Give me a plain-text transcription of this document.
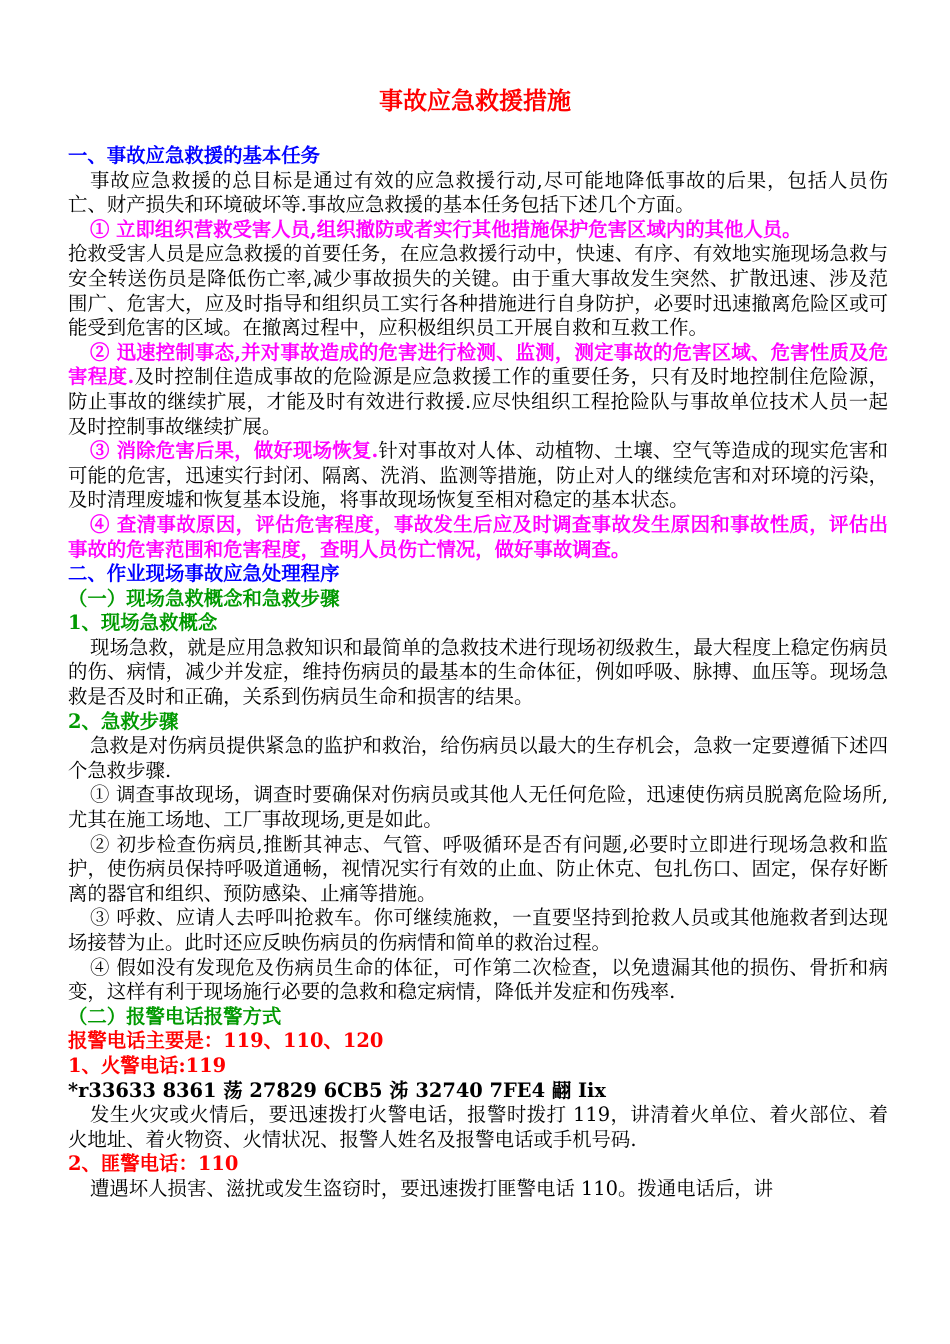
事故应急救援措施

一、事故应急救援的基本任务

事故应急救援的总目标是通过有效的应急救援行动,尽可能地降低事故的后果，包括人员伤亡、财产损失和环境破坏等.事故应急救援的基本任务包括下述几个方面。

① 立即组织营救受害人员,组织撤防或者实行其他措施保护危害区域内的其他人员。

抢救受害人员是应急救援的首要任务，在应急救援行动中，快速、有序、有效地实施现场急救与安全转送伤员是降低伤亡率,减少事故损失的关键。由于重大事故发生突然、扩散迅速、涉及范围广、危害大，应及时指导和组织员工实行各种措施进行自身防护，必要时迅速撤离危险区或可能受到危害的区域。在撤离过程中，应积极组织员工开展自救和互救工作。

② 迅速控制事态,并对事故造成的危害进行检测、监测，测定事故的危害区域、危害性质及危害程度.及时控制住造成事故的危险源是应急救援工作的重要任务，只有及时地控制住危险源，防止事故的继续扩展，才能及时有效进行救援.应尽快组织工程抢险队与事故单位技术人员一起及时控制事故继续扩展。

③ 消除危害后果，做好现场恢复.针对事故对人体、动植物、土壤、空气等造成的现实危害和可能的危害，迅速实行封闭、隔离、洗消、监测等措施，防止对人的继续危害和对环境的污染，及时清理废墟和恢复基本设施，将事故现场恢复至相对稳定的基本状态。

④ 查清事故原因，评估危害程度，事故发生后应及时调查事故发生原因和事故性质，评估出事故的危害范围和危害程度，查明人员伤亡情况，做好事故调查。

二、作业现场事故应急处理程序

（一）现场急救概念和急救步骤

1、现场急救概念

现场急救，就是应用急救知识和最简单的急救技术进行现场初级救生，最大程度上稳定伤病员的伤、病情，减少并发症，维持伤病员的最基本的生命体征，例如呼吸、脉搏、血压等。现场急救是否及时和正确，关系到伤病员生命和损害的结果。

2、急救步骤

急救是对伤病员提供紧急的监护和救治，给伤病员以最大的生存机会，急救一定要遵循下述四个急救步骤.

① 调查事故现场，调查时要确保对伤病员或其他人无任何危险，迅速使伤病员脱离危险场所,尤其在施工场地、工厂事故现场,更是如此。

② 初步检查伤病员,推断其神志、气管、呼吸循环是否有问题,必要时立即进行现场急救和监护，使伤病员保持呼吸道通畅，视情况实行有效的止血、防止休克、包扎伤口、固定，保存好断离的器官和组织、预防感染、止痛等措施。

③ 呼救、应请人去呼叫抢救车。你可继续施救，一直要坚持到抢救人员或其他施救者到达现场接替为止。此时还应反映伤病员的伤病情和简单的救治过程。

④ 假如没有发现危及伤病员生命的体征，可作第二次检查，以免遗漏其他的损伤、骨折和病变，这样有利于现场施行必要的急救和稳定病情，降低并发症和伤残率.

（二）报警电话报警方式

报警电话主要是：119、110、120

1、火警电话:119

*r33633 8361 荡 27829 6CB5 泲 32740 7FE4 翤 Iix

发生火灾或火情后，要迅速拨打火警电话，报警时拨打 119，讲清着火单位、着火部位、着火地址、着火物资、火情状况、报警人姓名及报警电话或手机号码.

2、匪警电话：110

遭遇坏人损害、滋扰或发生盗窃时，要迅速拨打匪警电话 110。拨通电话后，讲
